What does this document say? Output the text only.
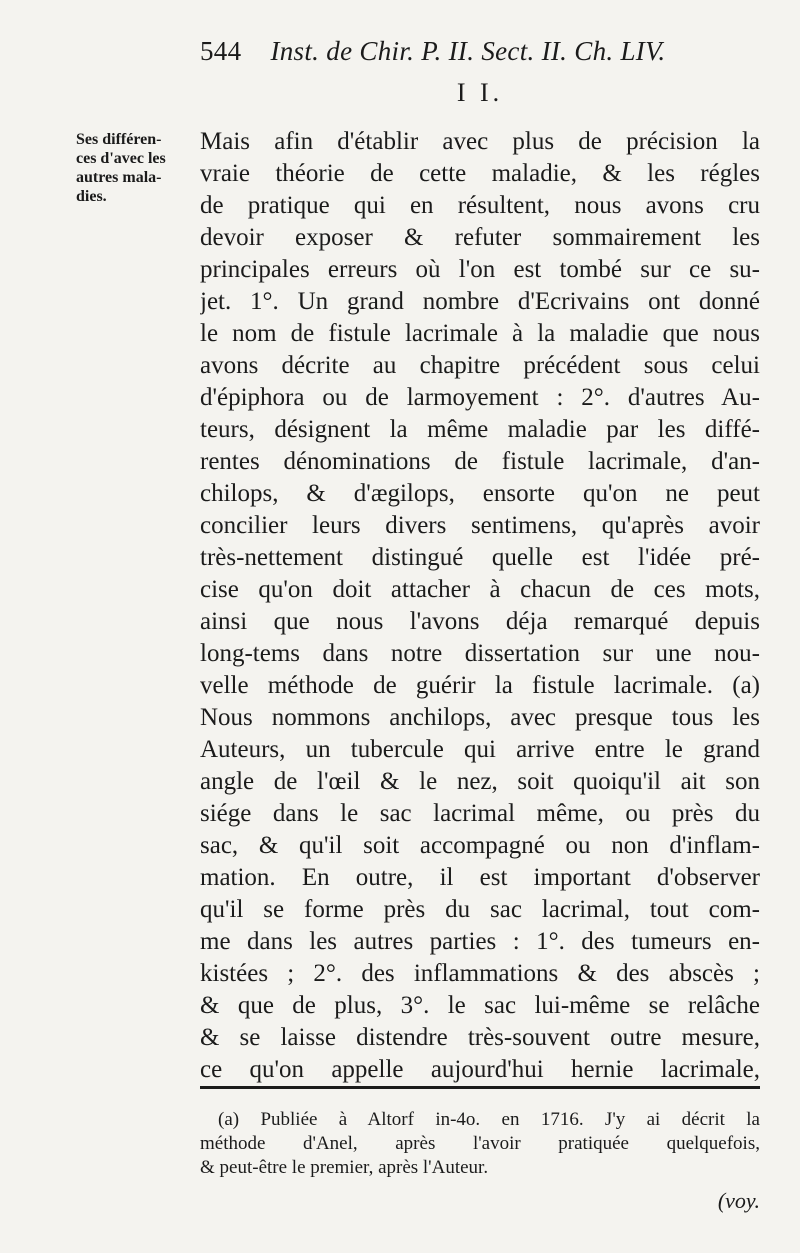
544 Inst. de Chir. P. II. Sect. II. Ch. LIV.
I I.
Ses différen-
ces d'avec les
autres mala-
dies.
Mais afin d'établir avec plus de précision la
vraie théorie de cette maladie, & les régles
de pratique qui en résultent, nous avons cru
devoir exposer & refuter sommairement les
principales erreurs où l'on est tombé sur ce su-
jet. 1°. Un grand nombre d'Ecrivains ont donné
le nom de fistule lacrimale à la maladie que nous
avons décrite au chapitre précédent sous celui
d'épiphora ou de larmoyement : 2°. d'autres Au-
teurs, désignent la même maladie par les diffé-
rentes dénominations de fistule lacrimale, d'an-
chilops, & d'ægilops, ensorte qu'on ne peut
concilier leurs divers sentimens, qu'après avoir
très-nettement distingué quelle est l'idée pré-
cise qu'on doit attacher à chacun de ces mots,
ainsi que nous l'avons déja remarqué depuis
long-tems dans notre dissertation sur une nou-
velle méthode de guérir la fistule lacrimale. (a)
Nous nommons anchilops, avec presque tous les
Auteurs, un tubercule qui arrive entre le grand
angle de l'œil & le nez, soit quoiqu'il ait son
siége dans le sac lacrimal même, ou près du
sac, & qu'il soit accompagné ou non d'inflam-
mation. En outre, il est important d'observer
qu'il se forme près du sac lacrimal, tout com-
me dans les autres parties : 1°. des tumeurs en-
kistées ; 2°. des inflammations & des abscès ;
& que de plus, 3°. le sac lui-même se relâche
& se laisse distendre très-souvent outre mesure,
ce qu'on appelle aujourd'hui hernie lacrimale,
(a) Publiée à Altorf in-4o. en 1716. J'y ai décrit la
méthode d'Anel, après l'avoir pratiquée quelquefois,
& peut-être le premier, après l'Auteur.
(voy.
